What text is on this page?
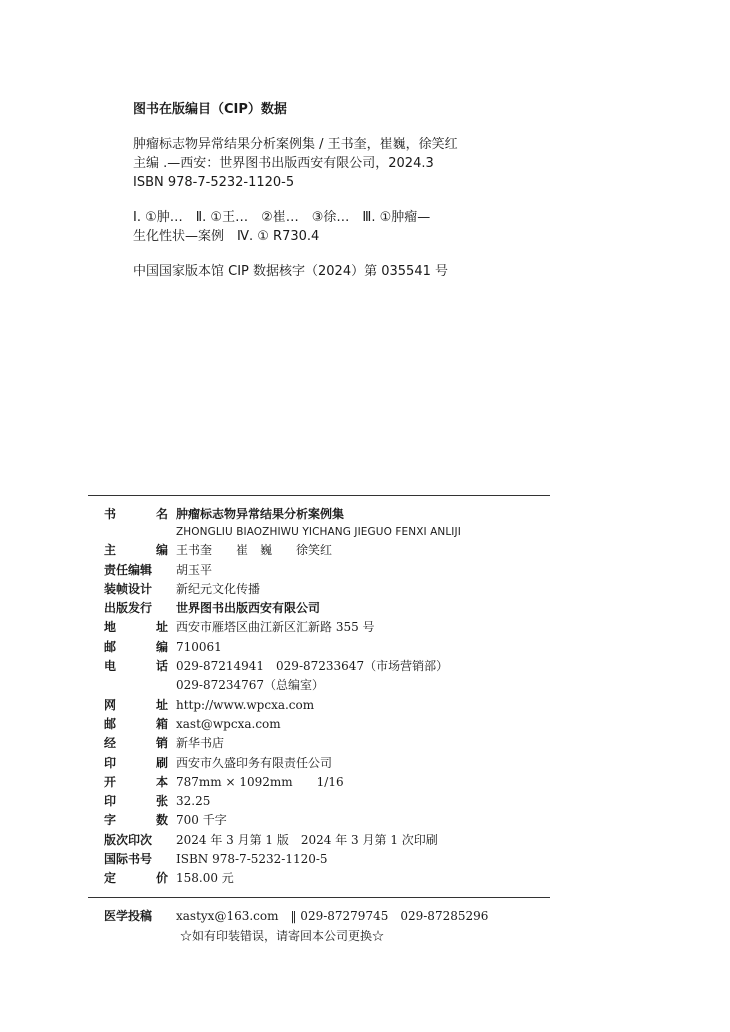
图书在版编目（CIP）数据
肿瘤标志物异常结果分析案例集 / 王书奎，崔巍，徐笑红
主编 .—西安：世界图书出版西安有限公司，2024.3
ISBN 978-7-5232-1120-5
Ⅰ. ①肿…　Ⅱ. ①王…　②崔…　③徐…　Ⅲ. ①肿瘤—
生化性状—案例　Ⅳ. ① R730.4
中国国家版本馆 CIP 数据核字（2024）第 035541 号
书　　名 肿瘤标志物异常结果分析案例集
ZHONGLIU BIAOZHIWU YICHANG JIEGUO FENXI ANLIJI
主　　编 王书奎　　崔　巍　　徐笑红
责任编辑	胡玉平
装帧设计	新纪元文化传播
出版发行	世界图书出版西安有限公司
地　　址 西安市雁塔区曲江新区汇新路 355 号
邮　　编 710061
电　　话 029-87214941　029-87233647（市场营销部）
029-87234767（总编室）
网　　址 http://www.wpcxa.com
邮　　箱 xast@wpcxa.com
经　　销 新华书店
印　　刷 西安市久盛印务有限责任公司
开　　本 787mm × 1092mm　　1/16
印　　张 32.25
字　　数 700 千字
版次印次	2024 年 3 月第 1 版　2024 年 3 月第 1 次印刷
国际书号	ISBN 978-7-5232-1120-5
定　　价 158.00 元
医学投稿	xastyx@163.com　‖ 029-87279745　029-87285296
☆如有印装错误，请寄回本公司更换☆
